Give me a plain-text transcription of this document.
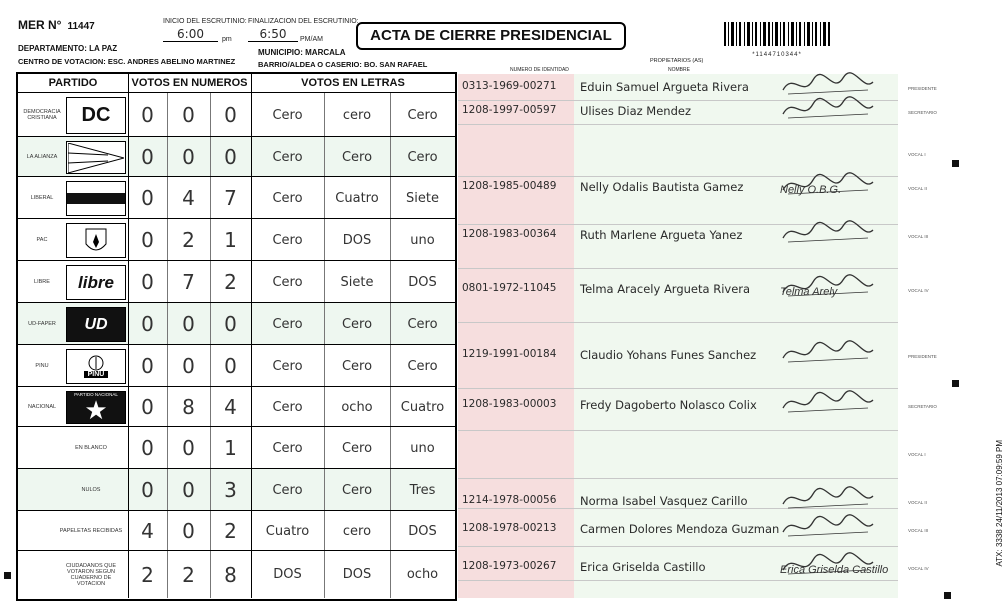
MER N° 11447	INICIO DEL ESCRUTINIO:
6:00	pm
FINALIZACION DEL ESCRUTINIO:
6:50	PM/AM	ACTA DE CIERRE PRESIDENCIAL
DEPARTAMENTO: LA PAZ	MUNICIPIO: MARCALA
CENTRO DE VOTACION: ESC. ANDRES ABELINO MARTINEZ	BARRIO/ALDEA O CASERIO: BO. SAN RAFAEL
*1144710344*
PARTIDO	VOTOS EN NUMEROS	VOTOS EN LETRAS
DEMOCRACIA CRISTIANA	DC	0	0	0	Cero	cero	Cero
LA ALIANZA	0	0	0	Cero	Cero	Cero
LIBERAL	0	4	7	Cero	Cuatro	Siete
PAC	0	2	1	Cero	DOS	uno
LIBRE	libre	0	7	2	Cero	Siete	DOS
UD-FAPER	UD	0	0	0	Cero	Cero	Cero
PINU
PINU	0	0	0	Cero	Cero	Cero
NACIONAL
PARTIDO NACIONAL
★	0	8	4	Cero	ocho	Cuatro
EN BLANCO	0	0	1	Cero	Cero	uno
NULOS	0	0	3	Cero	Cero	Tres
PAPELETAS RECIBIDAS 4	0	2	Cuatro	cero	DOS
CIUDADANOS QUE VOTARON SEGUN CUADERNO DE VOTACION	2	2	8	DOS	DOS	ocho
NUMERO DE IDENTIDAD
PROPIETARIOS (AS)
NOMBRE
0313-1969-00271 Eduin Samuel Argueta Rivera	PRESIDENTE
1208-1997-00597 Ulises Diaz Mendez	SECRETARIO
VOCAL I
1208-1985-00489 Nelly Odalis Bautista Gamez	Nelly O.B.G.	VOCAL II
1208-1983-00364 Ruth Marlene Argueta Yanez	VOCAL III
0801-1972-11045 Telma Aracely Argueta Rivera	Telma Arely	VOCAL IV
1219-1991-00184 Claudio Yohans Funes Sanchez	PRESIDENTE
1208-1983-00003 Fredy Dagoberto Nolasco Colix	SECRETARIO
VOCAL I
1214-1978-00056 Norma Isabel Vasquez Carillo	VOCAL II
1208-1978-00213 Carmen Dolores Mendoza Guzman	VOCAL III
1208-1973-00267 Erica Griselda Castillo	Erica Griselda Castillo	VOCAL IV
ATX: 3338 24/11/2013 07:09:59 PM
